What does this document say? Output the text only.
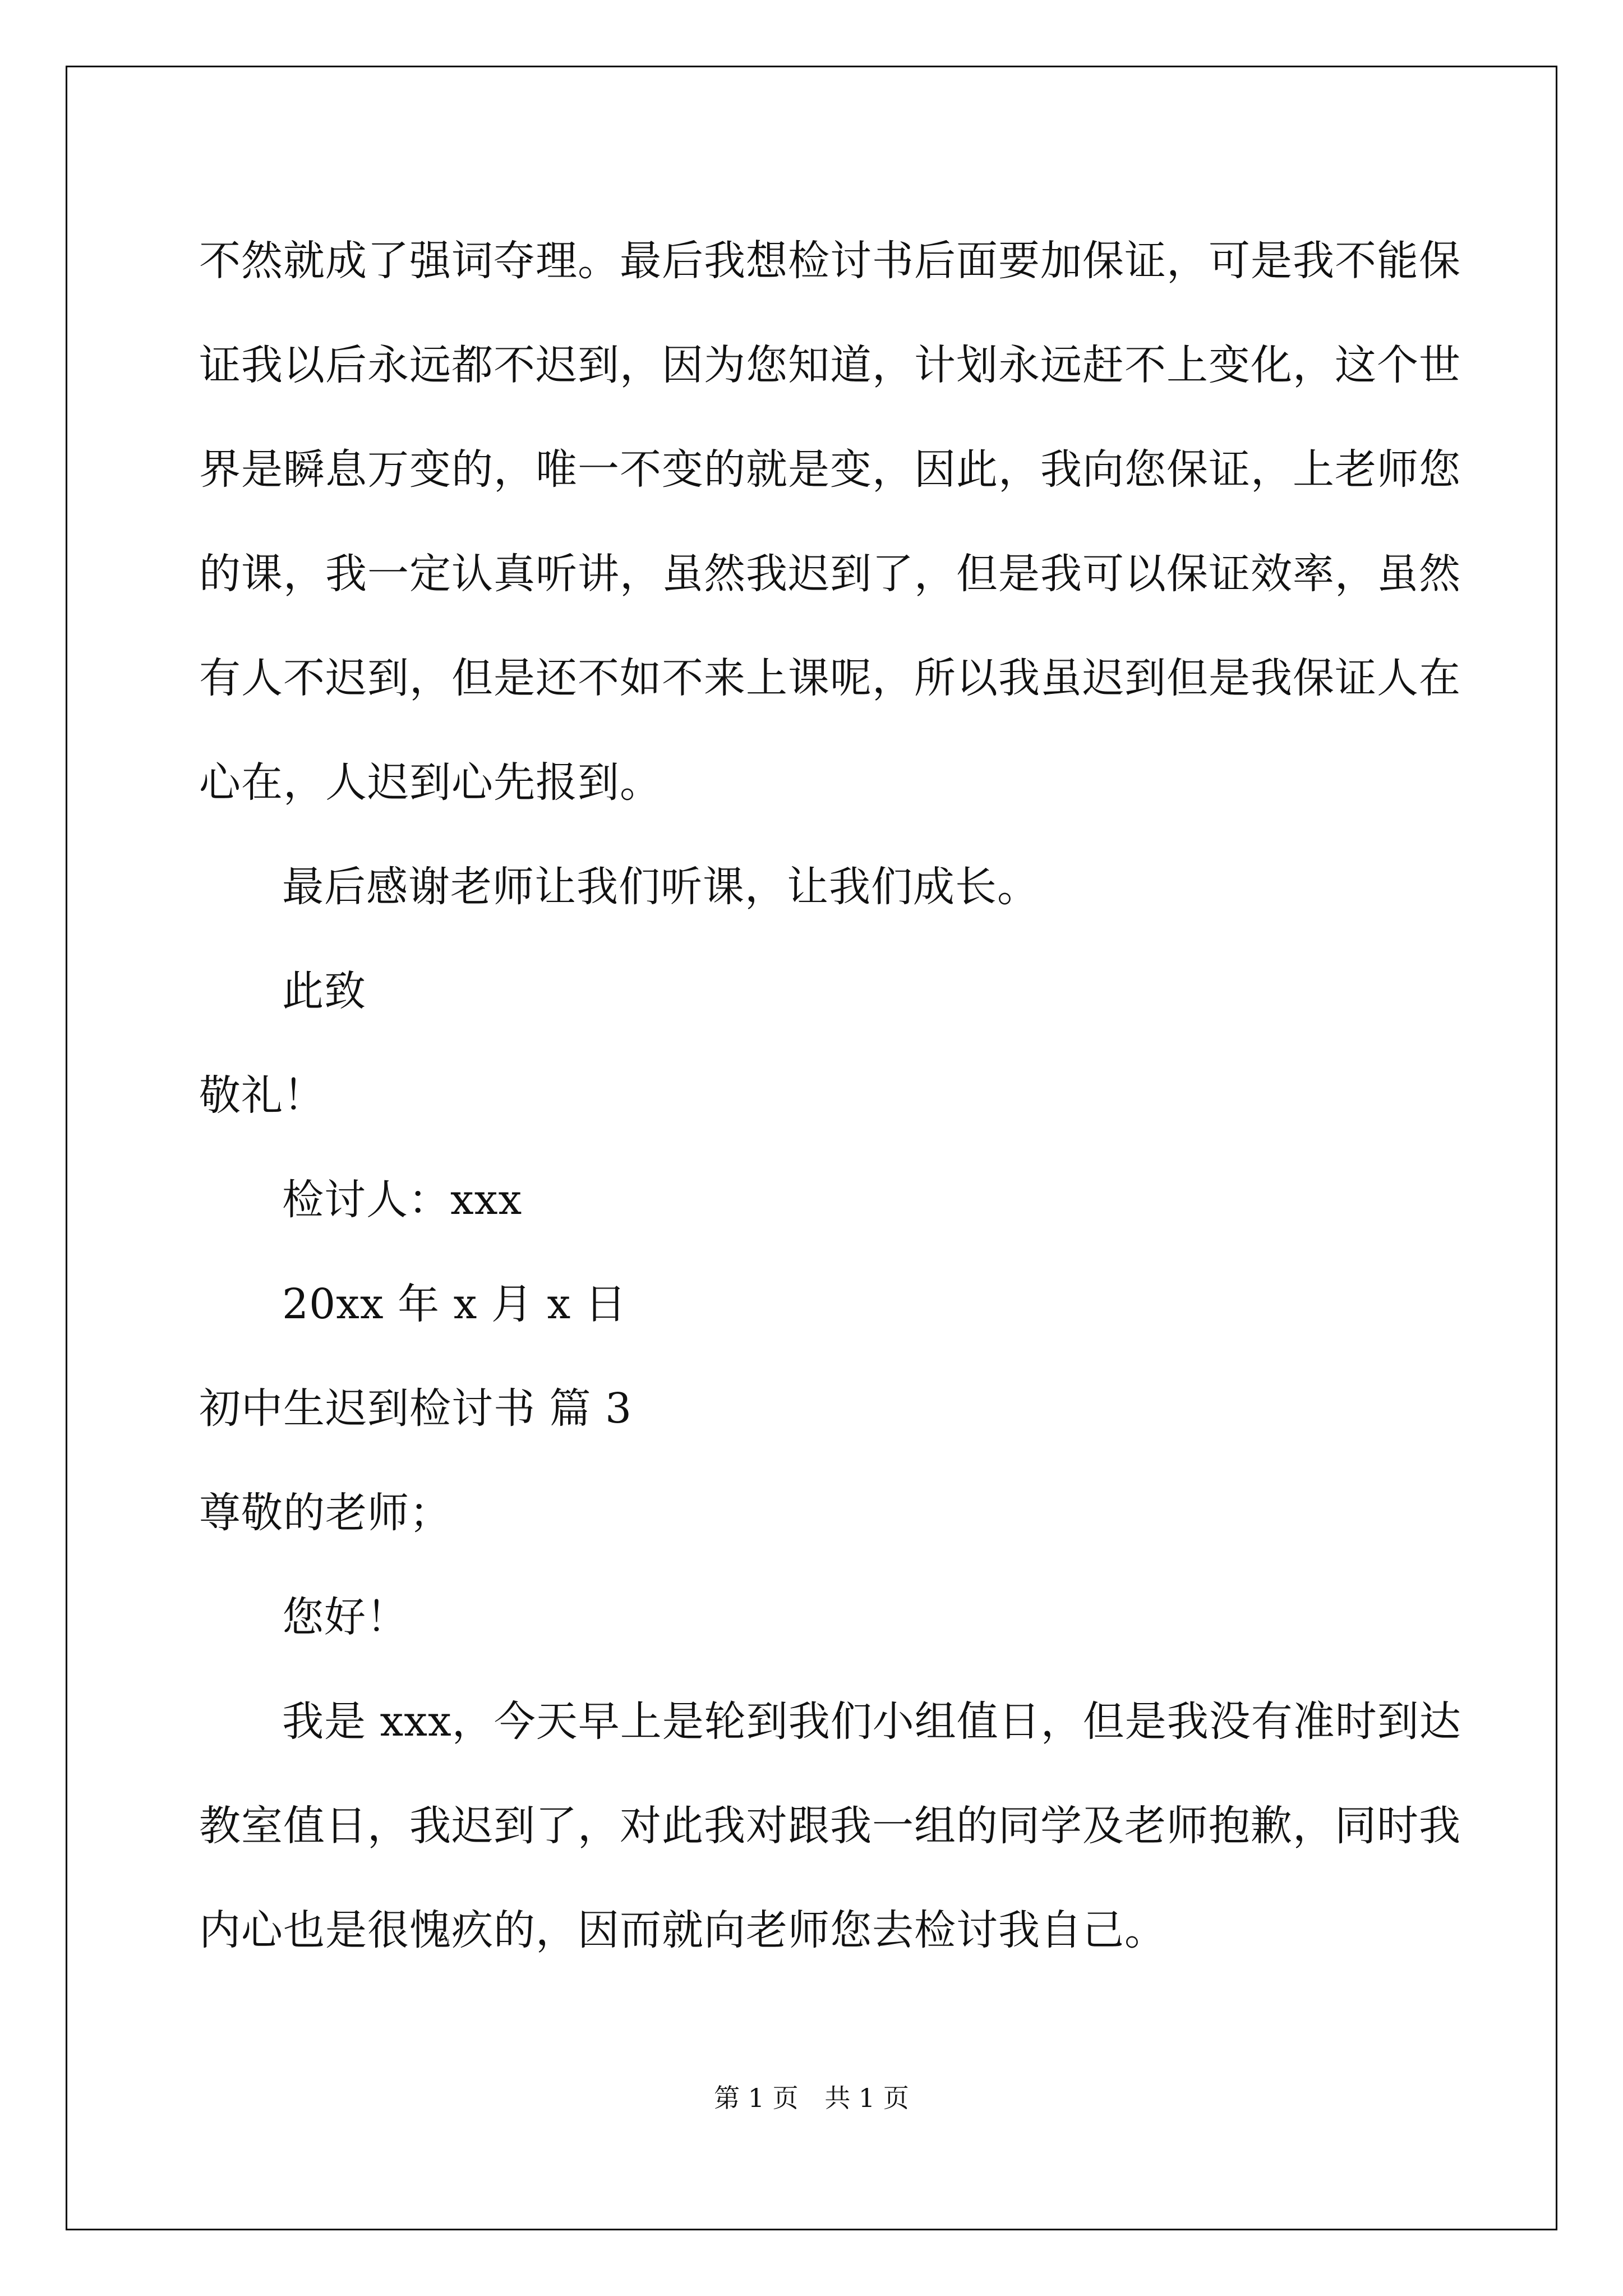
不然就成了强词夺理。最后我想检讨书后面要加保证，可是我不能保
证我以后永远都不迟到，因为您知道，计划永远赶不上变化，这个世
界是瞬息万变的，唯一不变的就是变，因此，我向您保证，上老师您
的课，我一定认真听讲，虽然我迟到了，但是我可以保证效率，虽然
有人不迟到，但是还不如不来上课呢，所以我虽迟到但是我保证人在
心在，人迟到心先报到。
最后感谢老师让我们听课，让我们成长。
此致
敬礼！
检讨人：xxx
20xx 年 x 月 x 日
初中生迟到检讨书 篇 3
尊敬的老师；
您好！
我是 xxx，今天早上是轮到我们小组值日，但是我没有准时到达
教室值日，我迟到了，对此我对跟我一组的同学及老师抱歉，同时我
内心也是很愧疚的，因而就向老师您去检讨我自己。
第 1 页 共 1 页
